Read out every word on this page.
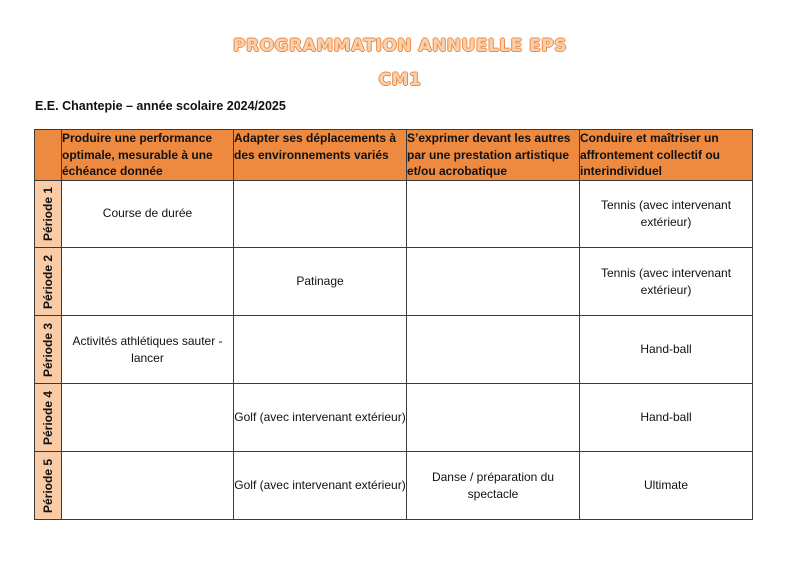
PROGRAMMATION ANNUELLE EPS
CM1
E.E. Chantepie – année scolaire 2024/2025
	Produire une performance optimale, mesurable à une échéance donnée	Adapter ses déplacements à des environnements variés	S’exprimer devant les autres par une prestation artistique et/ou acrobatique	Conduire et maîtriser un affrontement collectif ou interindividuel

Période 1	Course de durée			Tennis (avec intervenant extérieur)

Période 2		Patinage		Tennis (avec intervenant extérieur)

Période 3	Activités athlétiques sauter - lancer			Hand-ball

Période 4		Golf (avec intervenant extérieur)		Hand-ball

Période 5		Golf (avec intervenant extérieur)	Danse / préparation du spectacle	Ultimate
